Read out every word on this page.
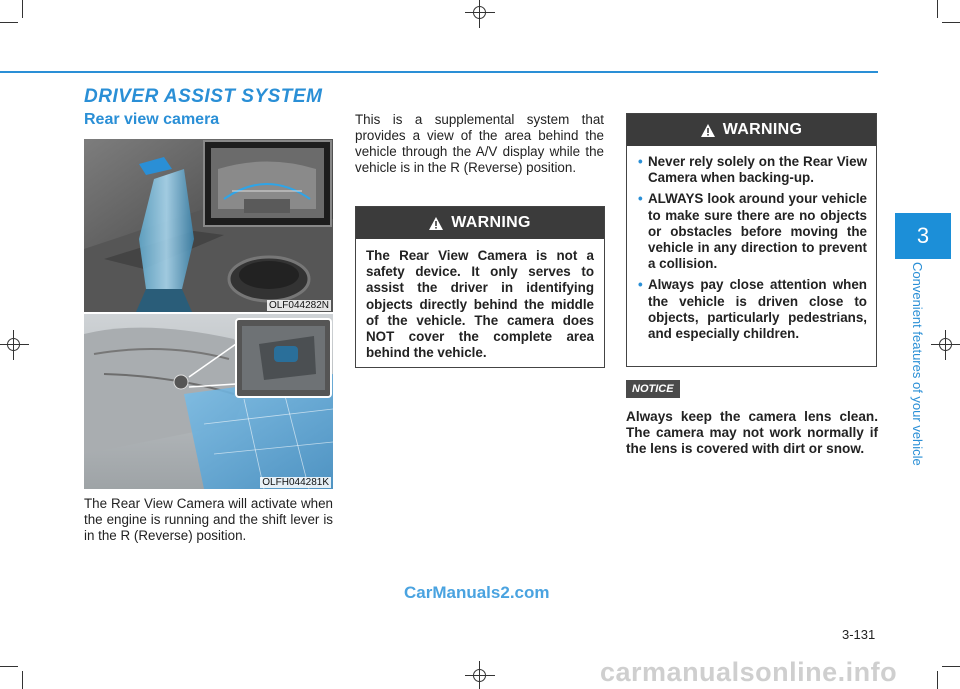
DRIVER ASSIST SYSTEM
Rear view camera
3
Convenient features of your vehicle
OLF044282N
OLFH044281K
The Rear View Camera will activate when the engine is running and the shift lever is in the R (Reverse) position.
This is a supplemental system that provides a view of the area behind the vehicle through the A/V display while the vehicle is in the R (Reverse) position.
WARNING
The Rear View Camera is not a safety device. It only serves to assist the driver in identifying objects directly behind the middle of the vehicle. The camera does NOT cover the complete area behind the vehicle.
WARNING
• Never rely solely on the Rear View Camera when backing-up.
• ALWAYS look around your vehicle to make sure there are no objects or obstacles before moving the vehicle in any direction to prevent a collision.
• Always pay close attention when the vehicle is driven close to objects, particularly pedestrians, and especially children.
NOTICE
Always keep the camera lens clean. The camera may not work normally if the lens is covered with dirt or snow.
CarManuals2.com
3-131
carmanualsonline.info
